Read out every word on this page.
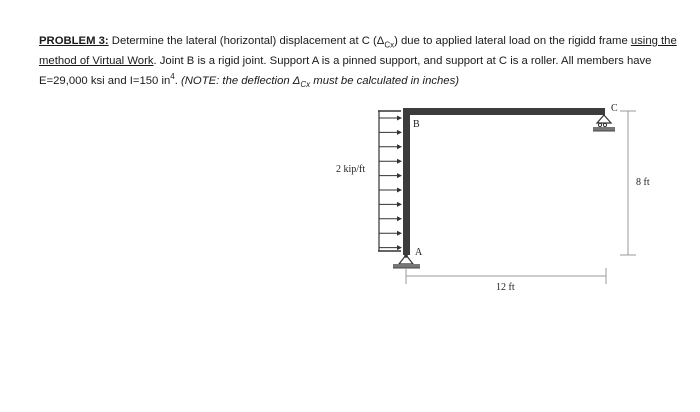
PROBLEM 3: Determine the lateral (horizontal) displacement at C $(\Delta_{Cx})$ due to applied lateral load on the rigidd frame using the method of Virtual Work. Joint B is a rigid joint. Support A is a pinned support, and support at C is a roller. All members have E=29,000 ksi and I=150 $in^4$. (NOTE: the deflection $\Delta_{Cx}$ must be calculated in inches)

A
B
C
2 kip/ft
8 ft
12 ft
